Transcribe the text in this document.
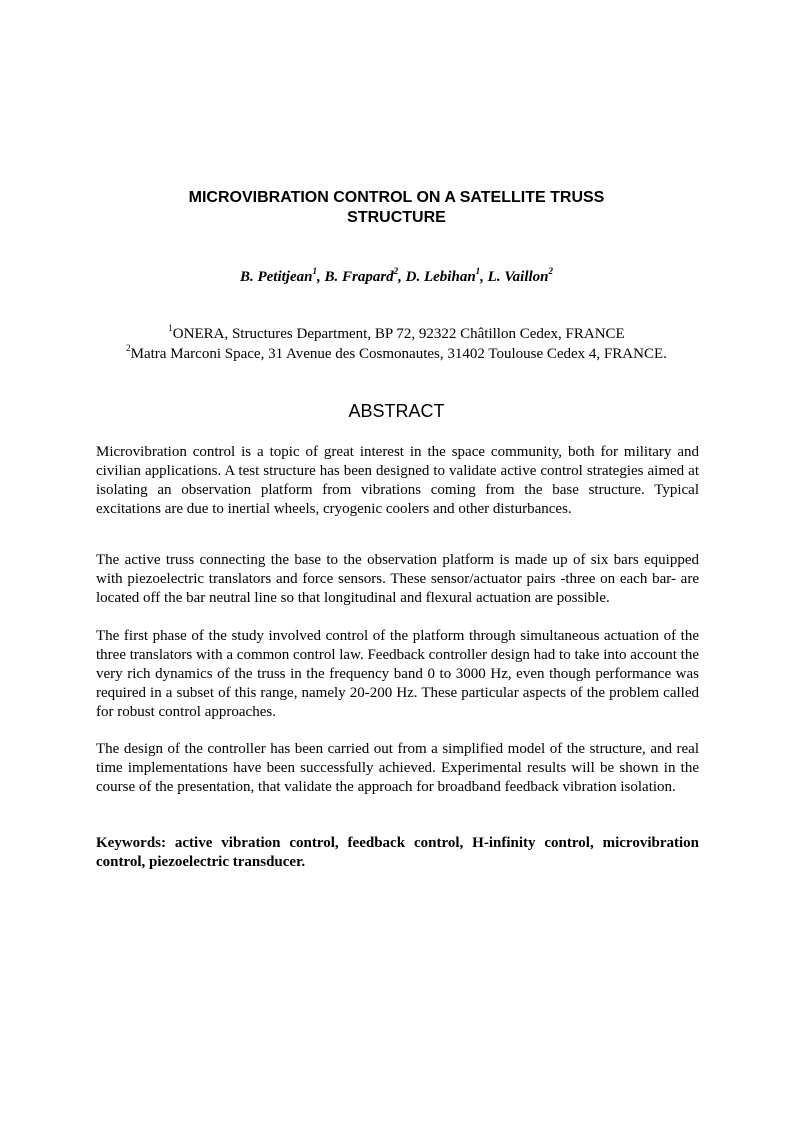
MICROVIBRATION CONTROL ON A SATELLITE TRUSS
STRUCTURE
B. Petitjean$^1$, B. Frapard$^2$, D. Lebihan$^1$, L. Vaillon$^2$
$^1$ONERA, Structures Department, BP 72, 92322 Châtillon Cedex, FRANCE
$^2$Matra Marconi Space, 31 Avenue des Cosmonautes, 31402 Toulouse Cedex 4, FRANCE.
ABSTRACT

Microvibration control is a topic of great interest in the space community, both for military and civilian applications. A test structure has been designed to validate active control strategies aimed at isolating an observation platform from vibrations coming from the base structure. Typical excitations are due to inertial wheels, cryogenic coolers and other disturbances.

The active truss connecting the base to the observation platform is made up of six bars equipped with piezoelectric translators and force sensors. These sensor/actuator pairs -three on each bar- are located off the bar neutral line so that longitudinal and flexural actuation are possible.

The first phase of the study involved control of the platform through simultaneous actuation of the three translators with a common control law. Feedback controller design had to take into account the very rich dynamics of the truss in the frequency band 0 to 3000 Hz, even though performance was required in a subset of this range, namely 20-200 Hz. These particular aspects of the problem called for robust control approaches.

The design of the controller has been carried out from a simplified model of the structure, and real time implementations have been successfully achieved. Experimental results will be shown in the course of the presentation, that validate the approach for broadband feedback vibration isolation.

Keywords: active vibration control, feedback control, H-infinity control, microvibration control, piezoelectric transducer.
